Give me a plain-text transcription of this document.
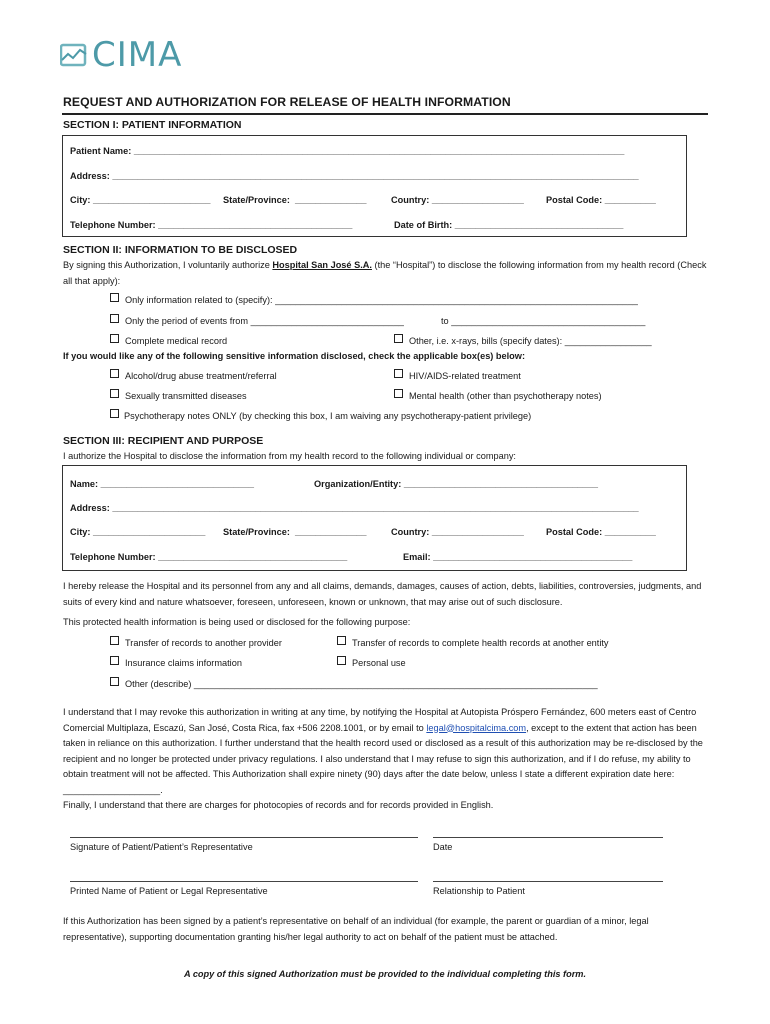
CIMA
REQUEST AND AUTHORIZATION FOR RELEASE OF HEALTH INFORMATION
SECTION I: PATIENT INFORMATION
Patient Name: ________________________________________________________________________________________________
Address: _______________________________________________________________________________________________________
City: _______________________ State/Province:  ______________	Country: __________________ Postal Code: __________
Telephone Number: ______________________________________	Date of Birth: _________________________________
SECTION II: INFORMATION TO BE DISCLOSED
By signing this Authorization, I voluntarily authorize Hospital San José S.A. (the “Hospital”) to disclose the following information from my health record (Check all that apply):
Only information related to (specify): _______________________________________________________________________
Only the period of events from ______________________________	to ______________________________________
Complete medical record	Other, i.e. x-rays, bills (specify dates): _________________
If you would like any of the following sensitive information disclosed, check the applicable box(es) below:
Alcohol/drug abuse treatment/referral	HIV/AIDS-related treatment
Sexually transmitted diseases	Mental health (other than psychotherapy notes)
Psychotherapy notes ONLY (by checking this box, I am waiving any psychotherapy-patient privilege)
SECTION III: RECIPIENT AND PURPOSE
I authorize the Hospital to disclose the information from my health record to the following individual or company:
Name: ______________________________	Organization/Entity: ______________________________________
Address: _______________________________________________________________________________________________________
City: ______________________ State/Province:  ______________	Country: __________________ Postal Code: __________
Telephone Number: _____________________________________	Email: _______________________________________
I hereby release the Hospital and its personnel from any and all claims, demands, damages, causes of action, debts, liabilities, controversies, judgments, and suits of every kind and nature whatsoever, foreseen, unforeseen, known or unknown, that may arise out of such disclosure.
This protected health information is being used or disclosed for the following purpose:
Transfer of records to another provider	Transfer of records to complete health records at another entity
Insurance claims information	Personal use
Other (describe) _______________________________________________________________________________
I understand that I may revoke this authorization in writing at any time, by notifying the Hospital at Autopista Próspero Fernández, 600 meters east of Centro Comercial Multiplaza, Escazú, San José, Costa Rica, fax +506 2208.1001, or by email to legal@hospitalcima.com, except to the extent that action has been taken in reliance on this authorization. I further understand that the health record used or disclosed as a result of this authorization may be re-disclosed by the recipient and no longer be protected under privacy regulations. I also understand that I may refuse to sign this authorization, and if I do refuse, my ability to obtain treatment will not be affected. This Authorization shall expire ninety (90) days after the date below, unless I state a different expiration date here: ___________________.
Finally, I understand that there are charges for photocopies of records and for records provided in English.
Signature of Patient/Patient’s Representative	Date
Printed Name of Patient or Legal Representative	Relationship to Patient
If this Authorization has been signed by a patient’s representative on behalf of an individual (for example, the parent or guardian of a minor, legal representative), supporting documentation granting his/her legal authority to act on behalf of the patient must be attached.
A copy of this signed Authorization must be provided to the individual completing this form.
